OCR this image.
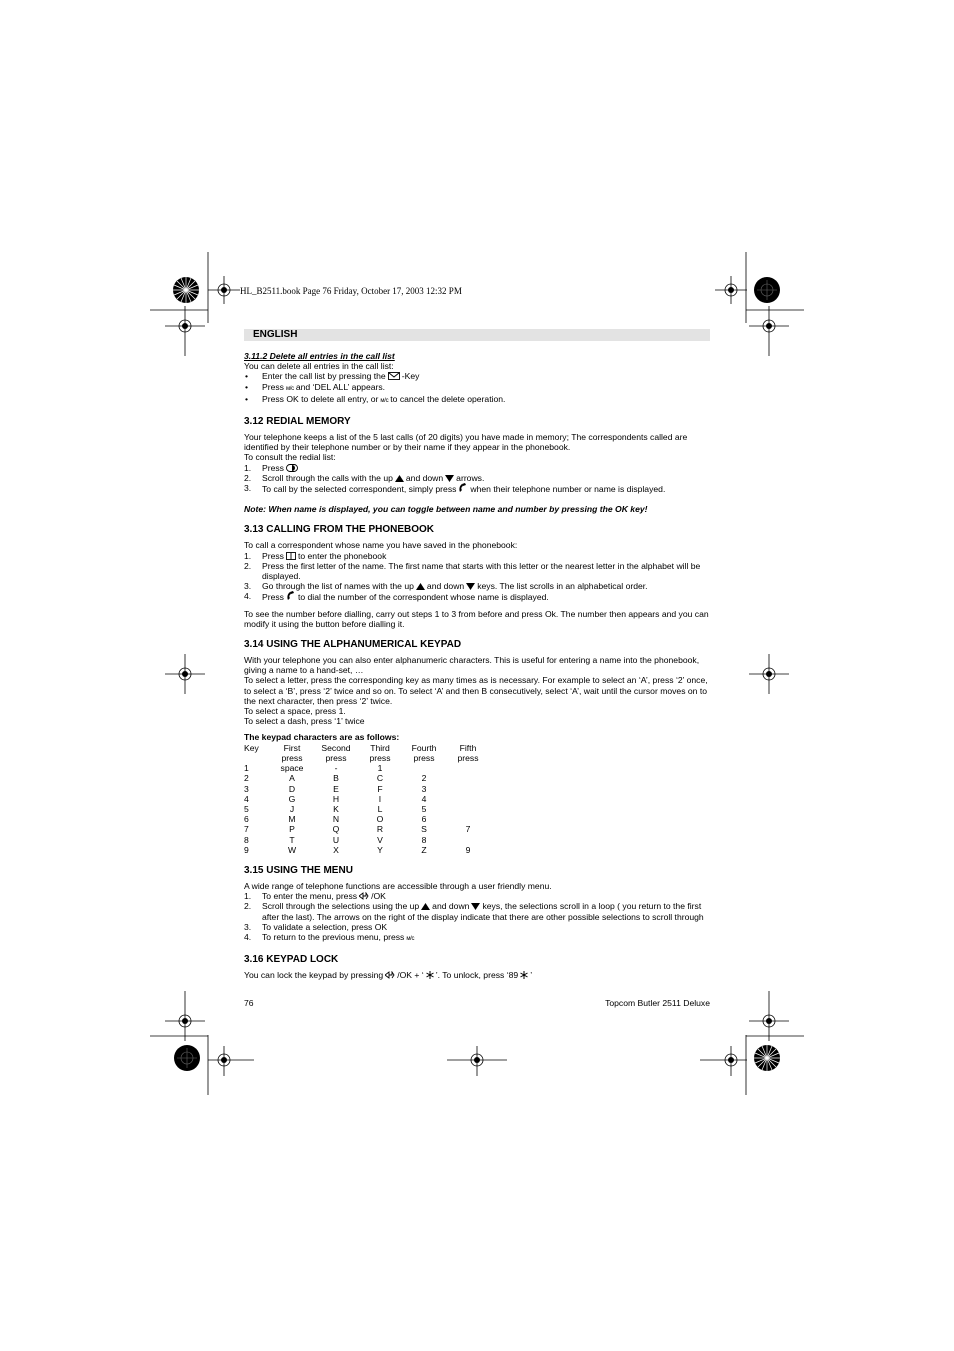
HL_B2511.book Page 76 Friday, October 17, 2003 12:32 PM
ENGLISH

3.11.2 Delete all entries in the call list

You can delete all entries in the call list:

• Enter the call list by pressing the -Key

• Press ᴍ/c and ‘DEL ALL’ appears.

• Press OK to delete all entry, or ᴍ/c to cancel the delete operation.

3.12 REDIAL MEMORY

Your telephone keeps a list of the 5 last calls (of 20 digits) you have made in memory; The correspondents called are identified by their telephone number or by their name if they appear in the phonebook.

To consult the redial list:

1. Press

2. Scroll through the calls with the up and down arrows.

3. To call by the selected correspondent, simply press when their telephone number or name is displayed.

Note: When name is displayed, you can toggle between name and number by pressing the OK key!

3.13 CALLING FROM THE PHONEBOOK

To call a correspondent whose name you have saved in the phonebook:

1. Press to enter the phonebook

2. Press the first letter of the name. The first name that starts with this letter or the nearest letter in the alphabet will be displayed.

3. Go through the list of names with the up and down keys. The list scrolls in an alphabetical order.

4. Press to dial the number of the correspondent whose name is displayed.

To see the number before dialling, carry out steps 1 to 3 from before and press Ok. The number then appears and you can modify it using the button before dialling it.

3.14 USING THE ALPHANUMERICAL KEYPAD

With your telephone you can also enter alphanumeric characters. This is useful for entering a name into the phonebook, giving a name to a hand-set, …

To select a letter, press the corresponding key as many times as is necessary. For example to select an ‘A’, press ‘2’ once, to select a ‘B’, press ‘2’ twice and so on. To select ‘A’ and then B consecutively, select ‘A’, wait until the cursor moves on to the next character, then press ‘2’ twice.

To select a space, press 1.

To select a dash, press ‘1’ twice

The keypad characters are as follows:

Key	First	Second	Third	Fourth	Fifth
	press	press	press	press	press
1	space	-	1		
2	A	B	C	2	
3	D	E	F	3	
4	G	H	I	4	
5	J	K	L	5	
6	M	N	O	6	
7	P	Q	R	S	7
8	T	U	V	8	
9	W	X	Y	Z	9

3.15 USING THE MENU

A wide range of telephone functions are accessible through a user friendly menu.

1. To enter the menu, press /OK

2. Scroll through the selections using the up and down keys, the selections scroll in a loop ( you return to the first after the last). The arrows on the right of the display indicate that there are other possible selections to scroll through

3. To validate a selection, press OK

4. To return to the previous menu, press ᴍ/c

3.16 KEYPAD LOCK

You can lock the keypad by pressing /OK + ‘ ’. To unlock, press ‘89 ’

76	Topcom Butler 2511 Deluxe
